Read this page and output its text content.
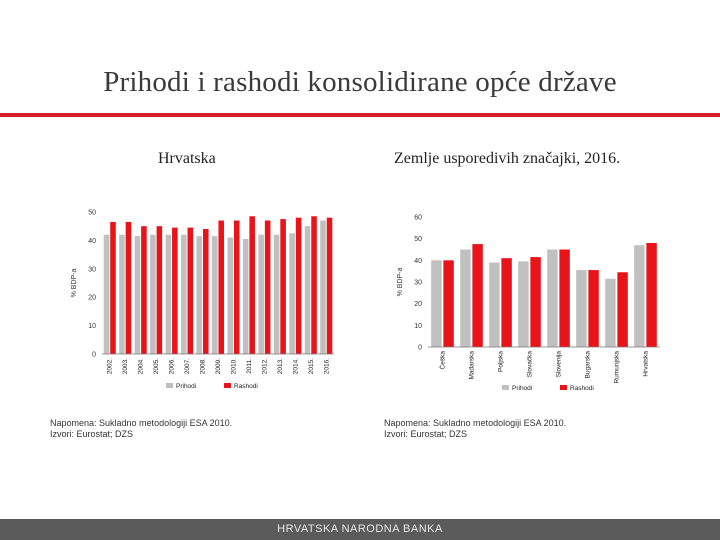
Prihodi i rashodi konsolidirane opće države
Hrvatska	Zemlje usporedivih značajki, 2016.
% BDP-a
0
10
20
30
40
50
2002. 2003. 2004. 2005. 2006. 2007. 2008. 2009. 2010. 2011. 2012. 2013. 2014. 2015. 2016.
Prihodi	Rashodi
% BDP-a
0
10
20
30
40
50
60
Češka	Mađarska	Poljska	Slovačka	Slovenija	Bugarska	Rumunjska	Hrvatska
Prihodi	Rashodi
Napomena: Sukladno metodologiji ESA 2010.
Izvori: Eurostat; DZS
Napomena: Sukladno metodologiji ESA 2010.
Izvori: Eurostat; DZS
HRVATSKA NARODNA BANKA
